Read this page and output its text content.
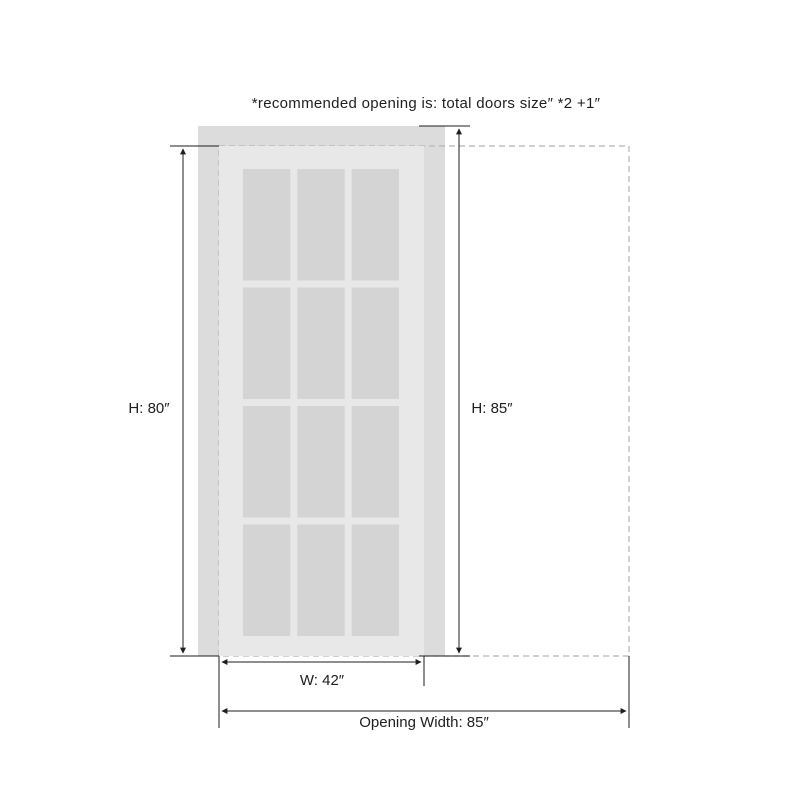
*recommended opening is: total doors size″ *2 +1″
H: 80″	H: 85″
W: 42″
Opening Width: 85″
